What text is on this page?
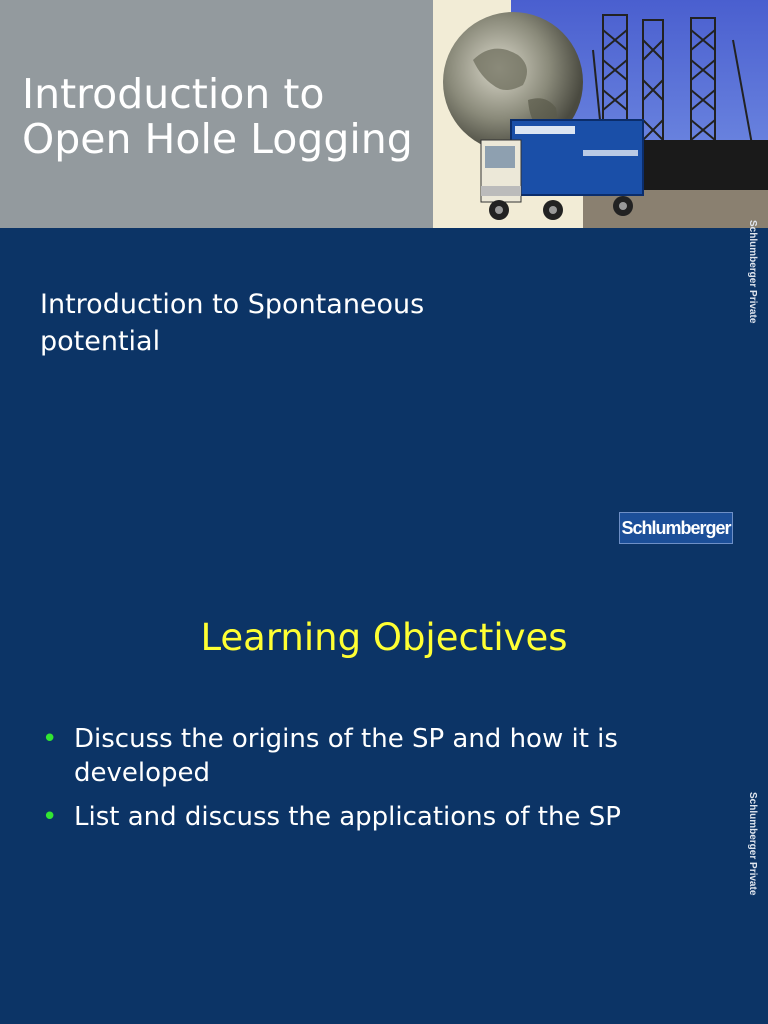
Introduction to
Open Hole Logging
Introduction to Spontaneous
potential
Schlumberger
Schlumberger Private
Learning Objectives
• Discuss the origins of the SP and how it is
developed
• List and discuss the applications of the SP	Schlumberger Private
